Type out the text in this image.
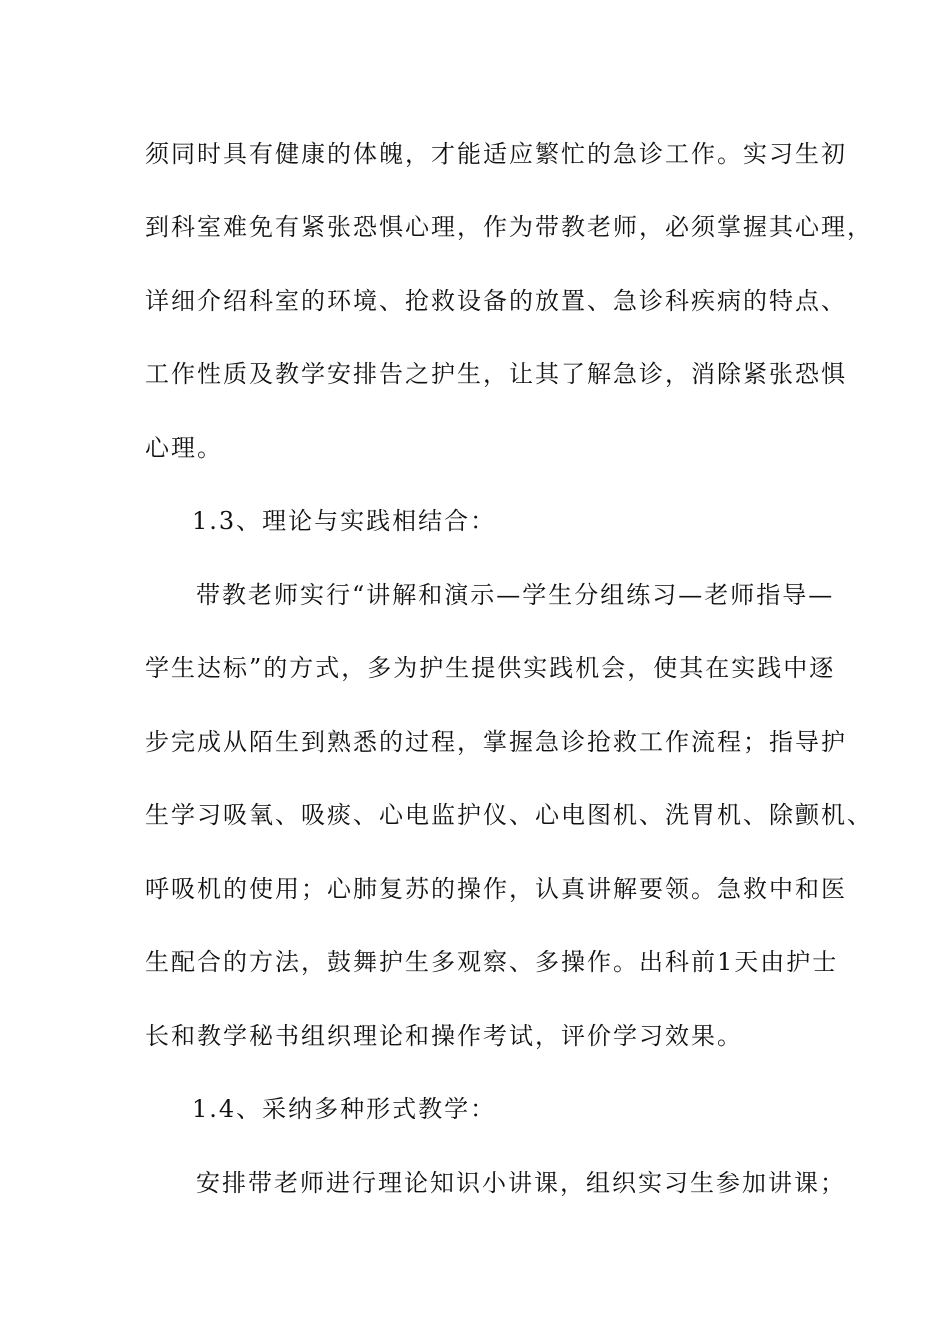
须同时具有健康的体魄，才能适应繁忙的急诊工作。实习生初
到科室难免有紧张恐惧心理，作为带教老师，必须掌握其心理，
详细介绍科室的环境、抢救设备的放置、急诊科疾病的特点、
工作性质及教学安排告之护生，让其了解急诊，消除紧张恐惧
心理。
1.3、理论与实践相结合：
带教老师实行“讲解和演示—学生分组练习—老师指导—
学生达标”的方式，多为护生提供实践机会，使其在实践中逐
步完成从陌生到熟悉的过程，掌握急诊抢救工作流程；指导护
生学习吸氧、吸痰、心电监护仪、心电图机、洗胃机、除颤机、
呼吸机的使用；心肺复苏的操作，认真讲解要领。急救中和医
生配合的方法，鼓舞护生多观察、多操作。出科前1天由护士
长和教学秘书组织理论和操作考试，评价学习效果。
1.4、采纳多种形式教学：
安排带老师进行理论知识小讲课，组织实习生参加讲课；
